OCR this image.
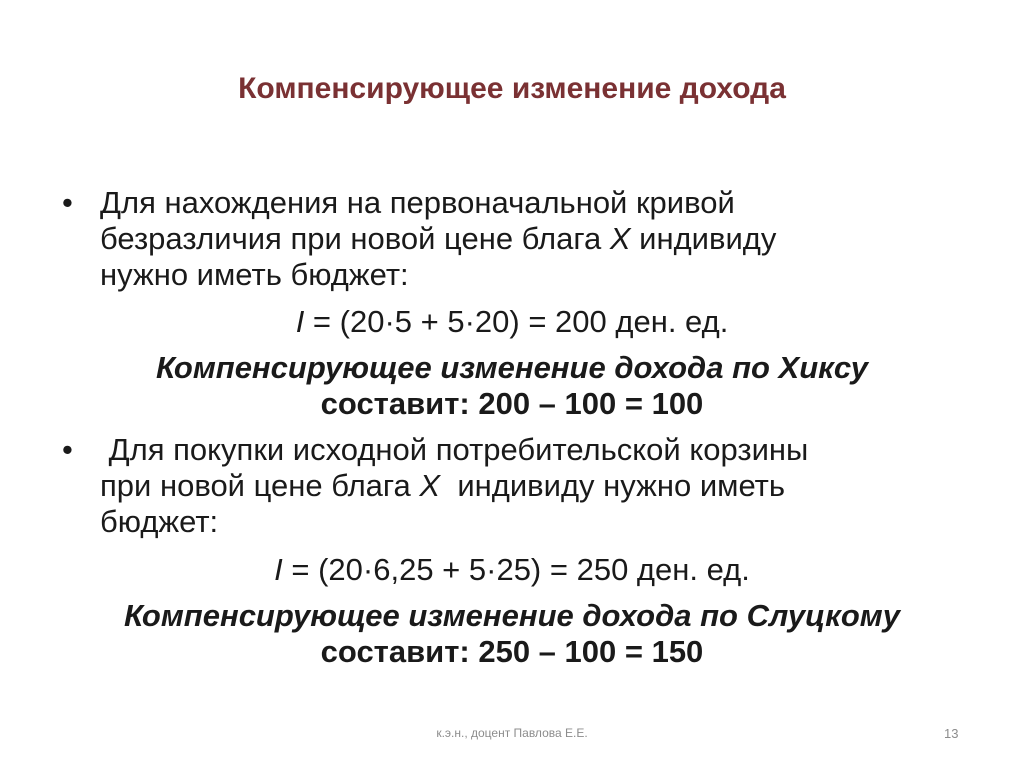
Компенсирующее изменение дохода
• Для нахождения на первоначальной кривой
безразличия при новой цене блага Х индивиду
нужно иметь бюджет:
I = (20·5 + 5·20) = 200 ден. ед.
Компенсирующее изменение дохода по Хиксу
составит: 200 – 100 = 100
• Для покупки исходной потребительской корзины
при новой цене блага Х  индивиду нужно иметь
бюджет:
I = (20·6,25 + 5·25) = 250 ден. ед.
Компенсирующее изменение дохода по Слуцкому
составит: 250 – 100 = 150
к.э.н., доцент Павлова Е.Е.	13
